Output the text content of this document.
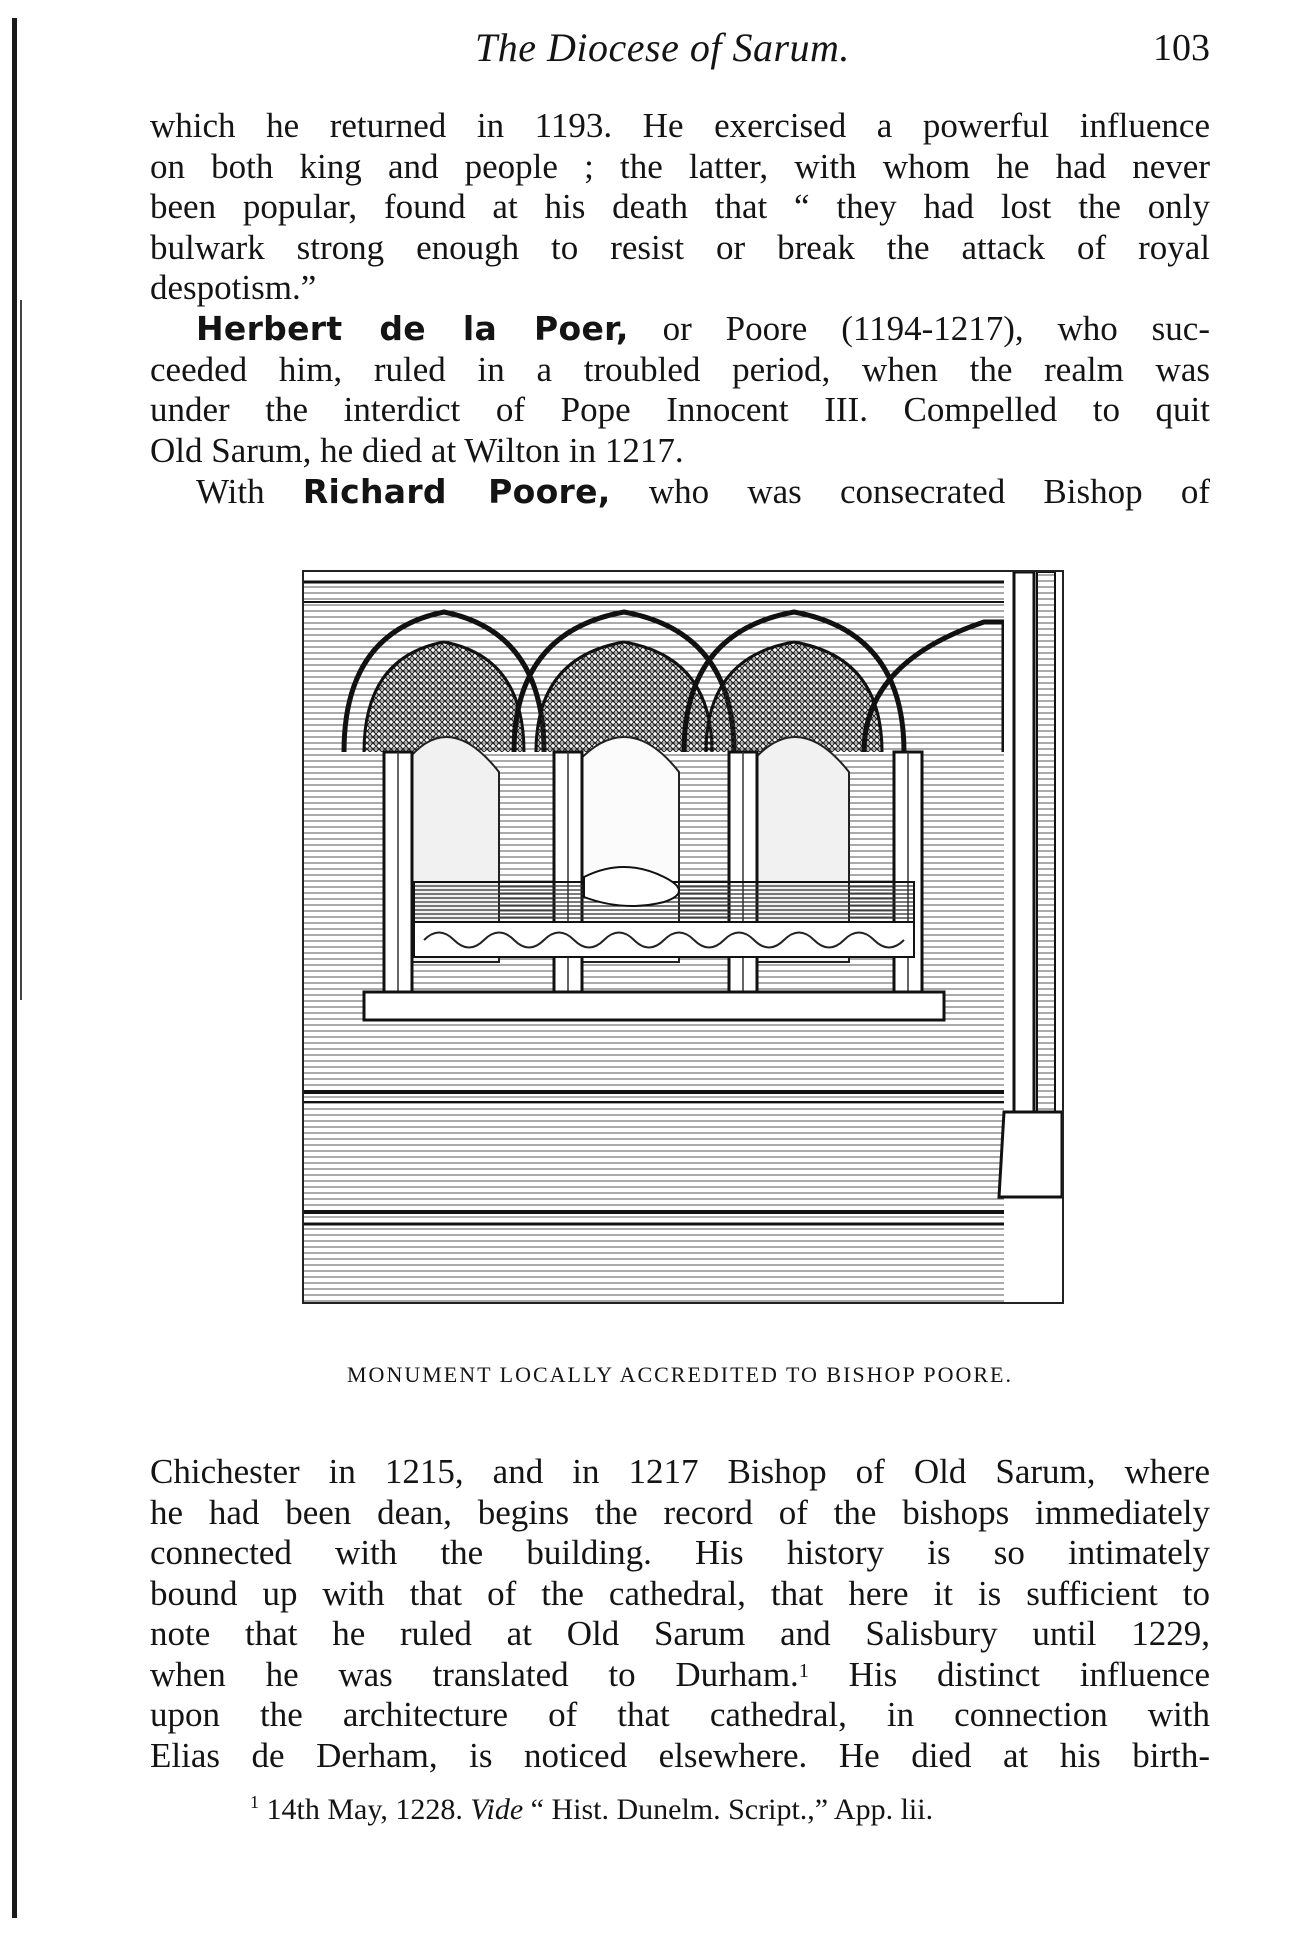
The Diocese of Sarum.	103

which he returned in 1193. He exercised a powerful influence
on both king and people ; the latter, with whom he had never
been popular, found at his death that “ they had lost the only
bulwark strong enough to resist or break the attack of royal
despotism.”

Herbert de la Poer, or Poore (1194-1217), who suc-
ceeded him, ruled in a troubled period, when the realm was
under the interdict of Pope Innocent III. Compelled to quit
Old Sarum, he died at Wilton in 1217.

With Richard Poore, who was consecrated Bishop of

MONUMENT LOCALLY ACCREDITED TO BISHOP POORE.

Chichester in 1215, and in 1217 Bishop of Old Sarum, where
he had been dean, begins the record of the bishops immediately
connected with the building. His history is so intimately
bound up with that of the cathedral, that here it is sufficient to
note that he ruled at Old Sarum and Salisbury until 1229,
when he was translated to Durham.$^1$ His distinct influence
upon the architecture of that cathedral, in connection with
Elias de Derham, is noticed elsewhere. He died at his birth-

$^1$ 14th May, 1228. Vide “ Hist. Dunelm. Script.,” App. lii.
